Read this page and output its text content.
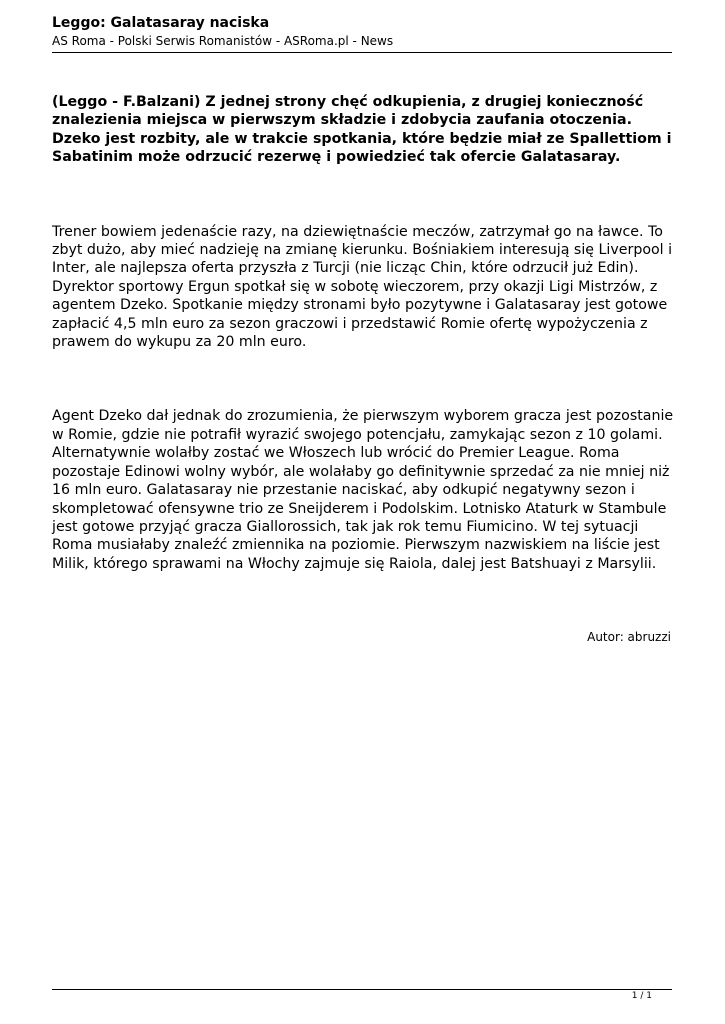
Leggo: Galatasaray naciska

AS Roma - Polski Serwis Romanistów - ASRoma.pl - News

(Leggo - F.Balzani) Z jednej strony chęć odkupienia, z drugiej konieczność znalezienia miejsca w pierwszym składzie i zdobycia zaufania otoczenia. Dzeko jest rozbity, ale w trakcie spotkania, które będzie miał ze Spallettiom i Sabatinim może odrzucić rezerwę i powiedzieć tak ofercie Galatasaray.

Trener bowiem jedenaście razy, na dziewiętnaście meczów, zatrzymał go na ławce. To zbyt dużo, aby mieć nadzieję na zmianę kierunku. Bośniakiem interesują się Liverpool i Inter, ale najlepsza oferta przyszła z Turcji (nie licząc Chin, które odrzucił już Edin). Dyrektor sportowy Ergun spotkał się w sobotę wieczorem, przy okazji Ligi Mistrzów, z agentem Dzeko. Spotkanie między stronami było pozytywne i Galatasaray jest gotowe zapłacić 4,5 mln euro za sezon graczowi i przedstawić Romie ofertę wypożyczenia z prawem do wykupu za 20 mln euro.

Agent Dzeko dał jednak do zrozumienia, że pierwszym wyborem gracza jest pozostanie w Romie, gdzie nie potrafił wyrazić swojego potencjału, zamykając sezon z 10 golami. Alternatywnie wolałby zostać we Włoszech lub wrócić do Premier League. Roma pozostaje Edinowi wolny wybór, ale wolałaby go definitywnie sprzedać za nie mniej niż 16 mln euro. Galatasaray nie przestanie naciskać, aby odkupić negatywny sezon i skompletować ofensywne trio ze Sneijderem i Podolskim. Lotnisko Ataturk w Stambule jest gotowe przyjąć gracza Giallorossich, tak jak rok temu Fiumicino. W tej sytuacji Roma musiałaby znaleźć zmiennika na poziomie. Pierwszym nazwiskiem na liście jest Milik, którego sprawami na Włochy zajmuje się Raiola, dalej jest Batshuayi z Marsylii.

Autor: abruzzi

1 / 1
